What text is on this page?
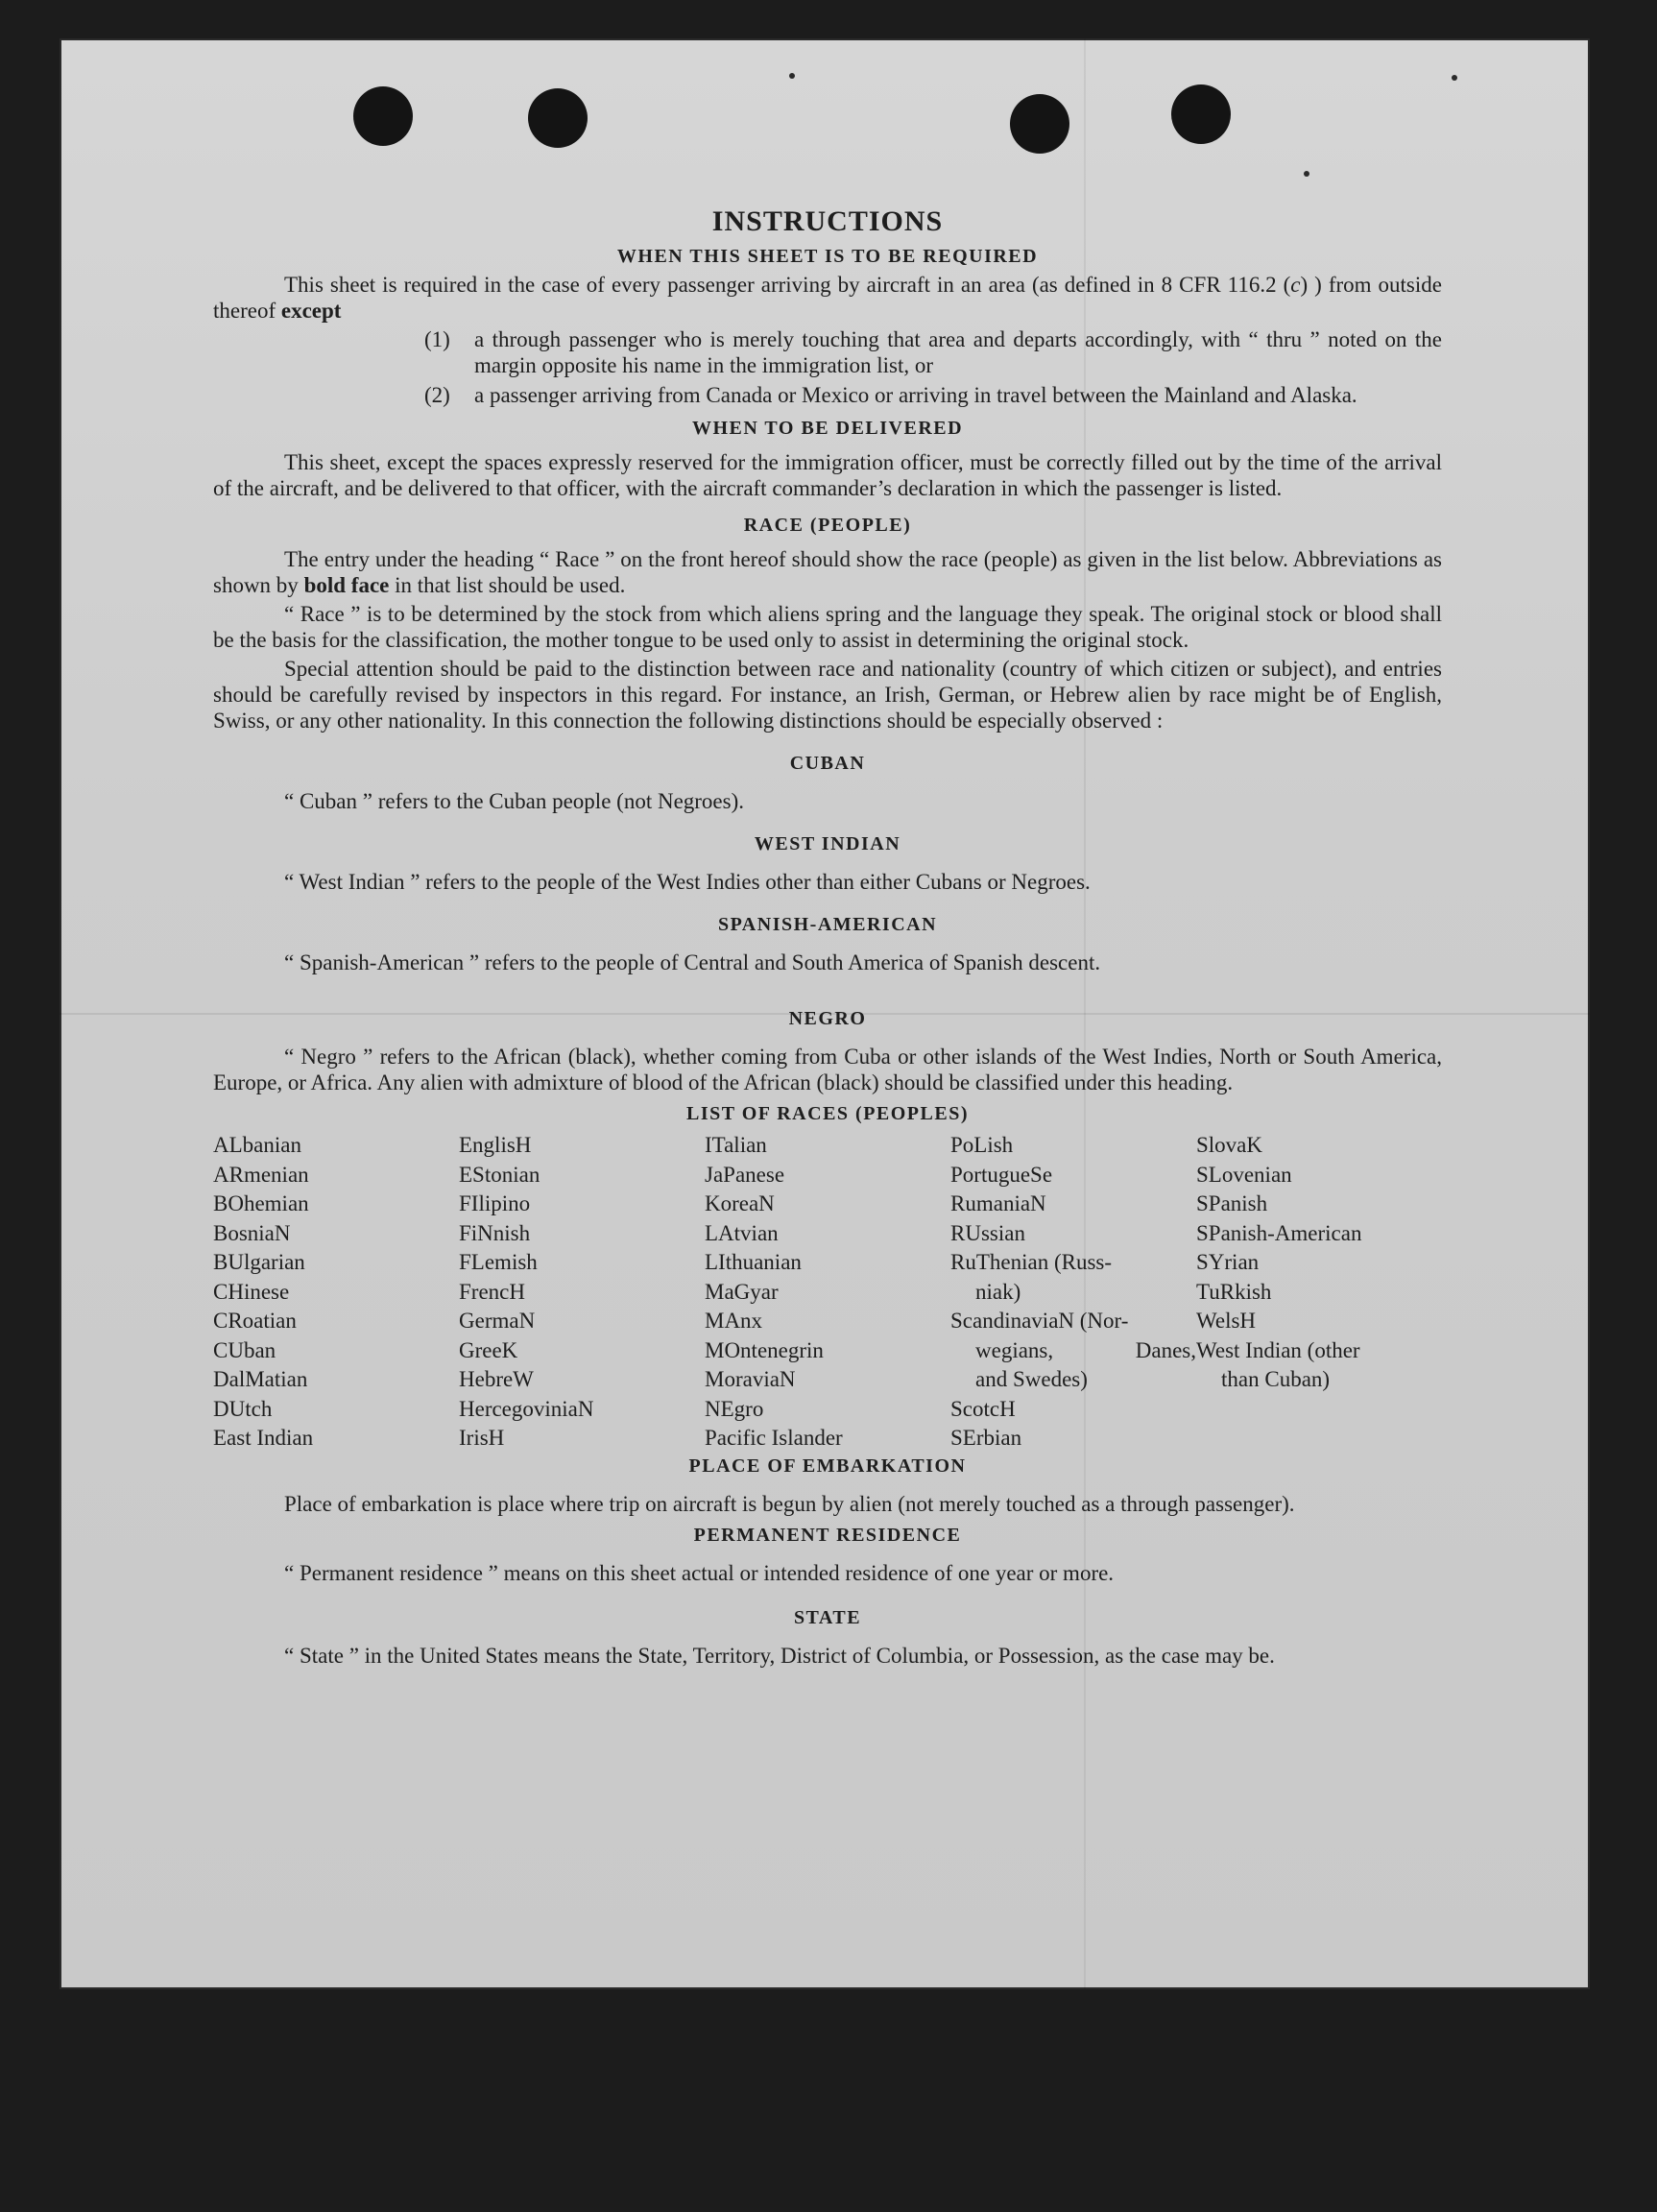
INSTRUCTIONS
WHEN THIS SHEET IS TO BE REQUIRED

This sheet is required in the case of every passenger arriving by aircraft in an area (as defined in 8 CFR 116.2 (c) ) from outside thereof except

(1)	a through passenger who is merely touching that area and departs accordingly, with “ thru ” noted on the margin opposite his name in the immigration list, or
(2)	a passenger arriving from Canada or Mexico or arriving in travel between the Mainland and Alaska.
WHEN TO BE DELIVERED

This sheet, except the spaces expressly reserved for the immigration officer, must be correctly filled out by the time of the arrival of the aircraft, and be delivered to that officer, with the aircraft commander’s declaration in which the passenger is listed.

RACE (PEOPLE)

The entry under the heading “ Race ” on the front hereof should show the race (people) as given in the list below. Abbreviations as shown by bold face in that list should be used.

“ Race ” is to be determined by the stock from which aliens spring and the language they speak. The original stock or blood shall be the basis for the classification, the mother tongue to be used only to assist in determining the original stock.

Special attention should be paid to the distinction between race and nationality (country of which citizen or subject), and entries should be carefully revised by inspectors in this regard. For instance, an Irish, German, or Hebrew alien by race might be of English, Swiss, or any other nationality. In this connection the following distinctions should be especially observed :

CUBAN

“ Cuban ” refers to the Cuban people (not Negroes).

WEST INDIAN

“ West Indian ” refers to the people of the West Indies other than either Cubans or Negroes.

SPANISH-AMERICAN

“ Spanish-American ” refers to the people of Central and South America of Spanish descent.

NEGRO

“ Negro ” refers to the African (black), whether coming from Cuba or other islands of the West Indies, North or South America, Europe, or Africa. Any alien with admixture of blood of the African (black) should be classified under this heading.

LIST OF RACES (PEOPLES)
ALbanian
ARmenian
BOhemian
BosniaN
BUlgarian
CHinese
CRoatian
CUban
DalMatian
DUtch
East Indian
EnglisH
EStonian
FIlipino
FiNnish
FLemish
FrencH
GermaN
GreeK
HebreW
HercegoviniaN
IrisH
ITalian
JaPanese
KoreaN
LAtvian
LIthuanian
MaGyar
MAnx
MOntenegrin
MoraviaN
NEgro
Pacific Islander
PoLish
PortugueSe
RumaniaN
RUssian
RuThenian (Russ-
niak)
ScandinaviaN (Nor-
wegians,	Danes,
and Swedes)
ScotcH
SErbian
SlovaK
SLovenian
SPanish
SPanish-American
SYrian
TuRkish
WelsH
West Indian (other
than Cuban)
PLACE OF EMBARKATION

Place of embarkation is place where trip on aircraft is begun by alien (not merely touched as a through passenger).

PERMANENT RESIDENCE

“ Permanent residence ” means on this sheet actual or intended residence of one year or more.

STATE

“ State ” in the United States means the State, Territory, District of Columbia, or Possession, as the case may be.
